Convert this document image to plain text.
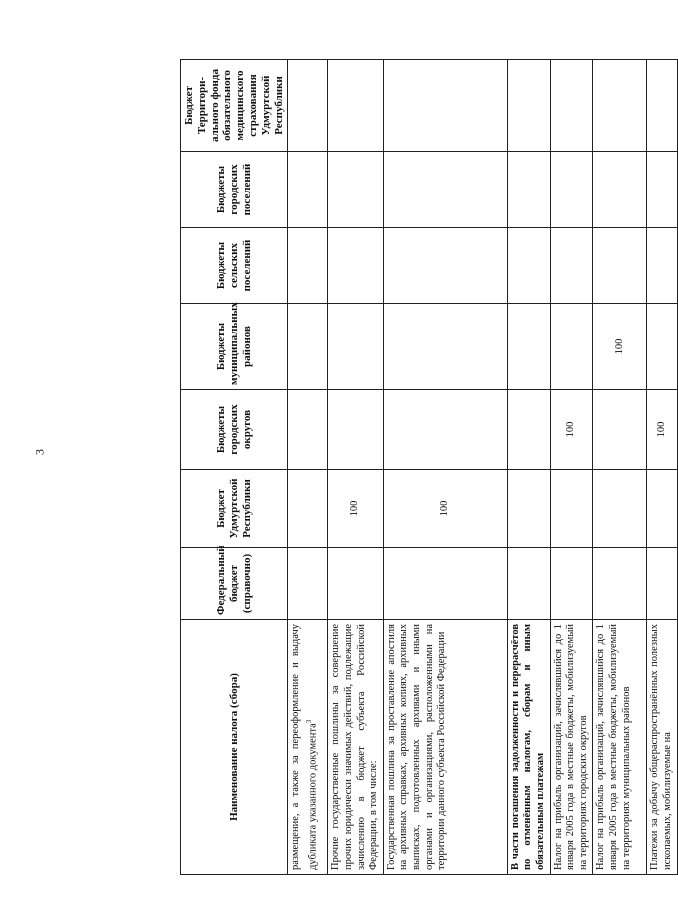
3
Наименование налога (сбора)	Федеральный бюджет (справочно)	Бюджет Удмуртской Республики	Бюджеты городских округов	Бюджеты муниципальных районов	Бюджеты сельских поселений	Бюджеты городских поселений	Бюджет Территори-ального фонда обязательного медицинского страхования Удмуртской Республики
размещение, а также за переоформление и выдачу дубликата указанного документа$^3$							
Прочие государственные пошлины за совершение прочих юридически значимых действий, подлежащие зачислению в бюджет субъекта Российской Федерации, в том числе:		100					
Государственная пошлина за проставление апостиля на архивных справках, архивных копиях, архивных выписках, подготовленных архивами и иными органами и организациями, расположенными на территории данного субъекта Российской Федерации		100					
В части погашения задолженности и перерасчётов по отменённым налогам, сборам и иным обязательным платежам							
Налог на прибыль организаций, зачислявшийся до 1 января 2005 года в местные бюджеты, мобилизуемый на территориях городских округов			100				
Налог на прибыль организаций, зачислявшийся до 1 января 2005 года в местные бюджеты, мобилизуемый на территориях муниципальных районов				100			
Платежи за добычу общераспространённых полезных ископаемых, мобилизуемые на			100				
